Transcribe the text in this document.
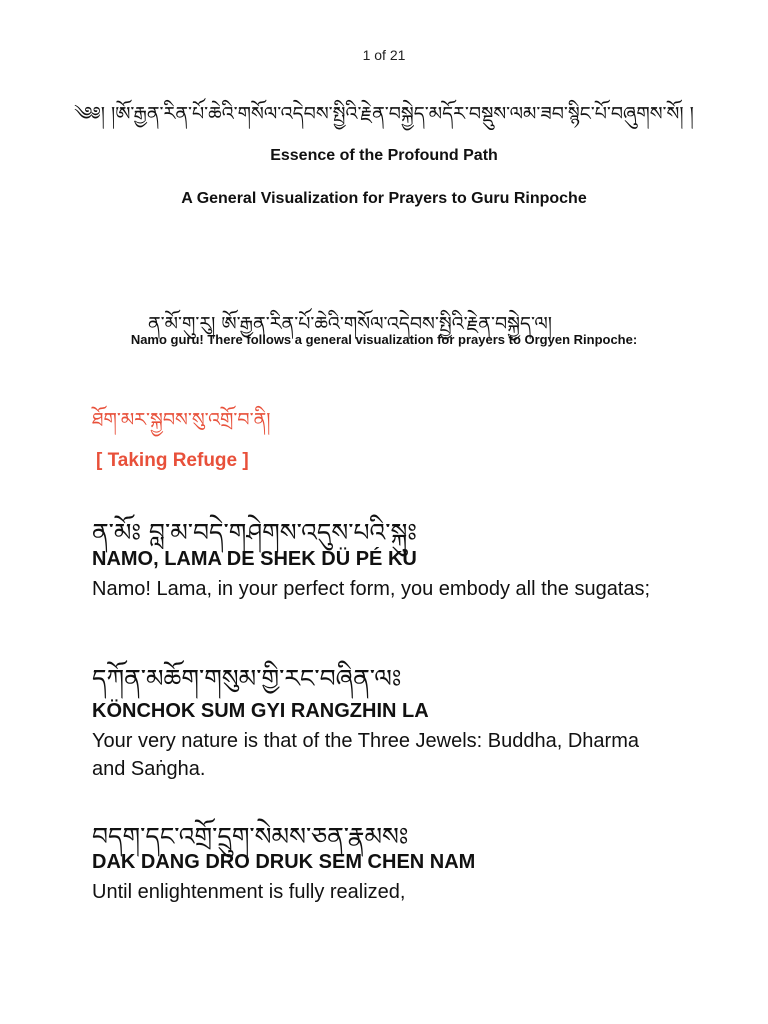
1 of 21
༄༅། །ཨོ་རྒྱན་རིན་པོ་ཆེའི་གསོལ་འདེབས་སྤྱིའི་རྗེན་བསྐྱེད་མདོར་བསྡུས་ལམ་ཟབ་སྙིང་པོ་བཞུགས་སོ། །
Essence of the Profound Path
A General Visualization for Prayers to Guru Rinpoche
ན་མོ་གུ་རུ། ཨོ་རྒྱན་རིན་པོ་ཆེའི་གསོལ་འདེབས་སྤྱིའི་རྗེན་བསྐྱེད་ལ།
Namo guru! There follows a general visualization for prayers to Orgyen Rinpoche:
ཐོག་མར་སྐྱབས་སུ་འགྲོ་བ་ནི།
[ Taking Refuge ]
ན་མོཿ བླ་མ་བདེ་གཤེགས་འདུས་པའི་སྐུཿ
NAMO, LAMA DE SHEK DÜ PÉ KU
Namo! Lama, in your perfect form, you embody all the sugatas;
དཀོན་མཆོག་གསུམ་གྱི་རང་བཞིན་ལཿ
KÖNCHOK SUM GYI RANGZHIN LA
Your very nature is that of the Three Jewels: Buddha, Dharma and Saṅgha.
བདག་དང་འགྲོ་དྲུག་སེམས་ཅན་རྣམསཿ
DAK DANG DRO DRUK SEM CHEN NAM
Until enlightenment is fully realized,
